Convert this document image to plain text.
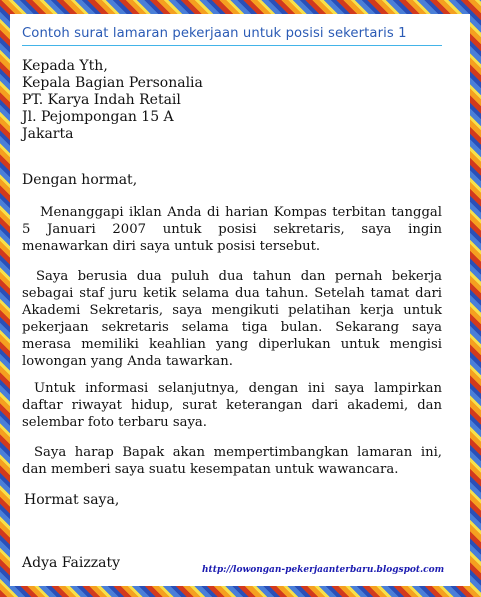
Contoh surat lamaran pekerjaan untuk posisi sekertaris 1
Kepada Yth,
Kepala Bagian Personalia
PT. Karya Indah Retail
Jl. Pejompongan 15 A
Jakarta
Dengan hormat,
Menanggapi iklan Anda di harian Kompas terbitan tanggal 5 Januari 2007 untuk posisi sekretaris, saya ingin menawarkan diri saya untuk posisi tersebut.
Saya berusia dua puluh dua tahun dan pernah bekerja sebagai staf juru ketik selama dua tahun. Setelah tamat dari Akademi Sekretaris, saya mengikuti pelatihan kerja untuk pekerjaan sekretaris selama tiga bulan. Sekarang saya merasa memiliki keahlian yang diperlukan untuk mengisi lowongan yang Anda tawarkan.
Untuk informasi selanjutnya, dengan ini saya lampirkan daftar riwayat hidup, surat keterangan dari akademi, dan selembar foto terbaru saya.
Saya harap Bapak akan mempertimbangkan lamaran ini, dan memberi saya suatu kesempatan untuk wawancara.
Hormat saya,
Adya Faizzaty	http://lowongan-pekerjaanterbaru.blogspot.com
